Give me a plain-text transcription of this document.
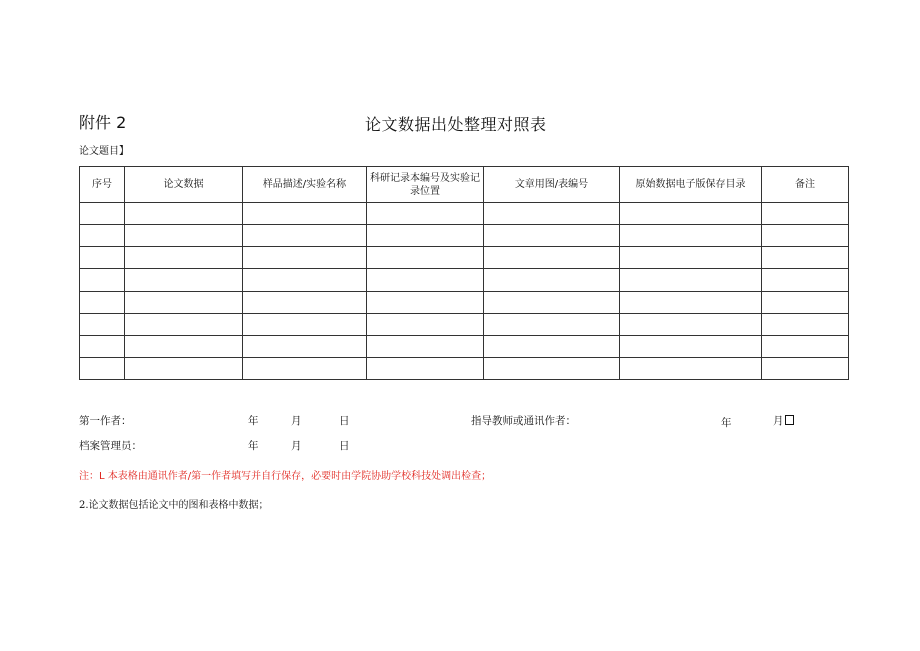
附件 2	论文数据出处整理对照表
论文题目】
序号	论文数据	样品描述/实验名称	科研记录本编号及实验记录位置	文章用图/表编号	原始数据电子版保存目录	备注

第一作者：	年	月	日	指导教师或通讯作者：	年	月
档案管理员：	年	月	日
注：L 本表格由通讯作者/第一作者填写并自行保存，必要时由学院协助学校科技处调出检查；
2.论文数据包括论文中的图和表格中数据；
